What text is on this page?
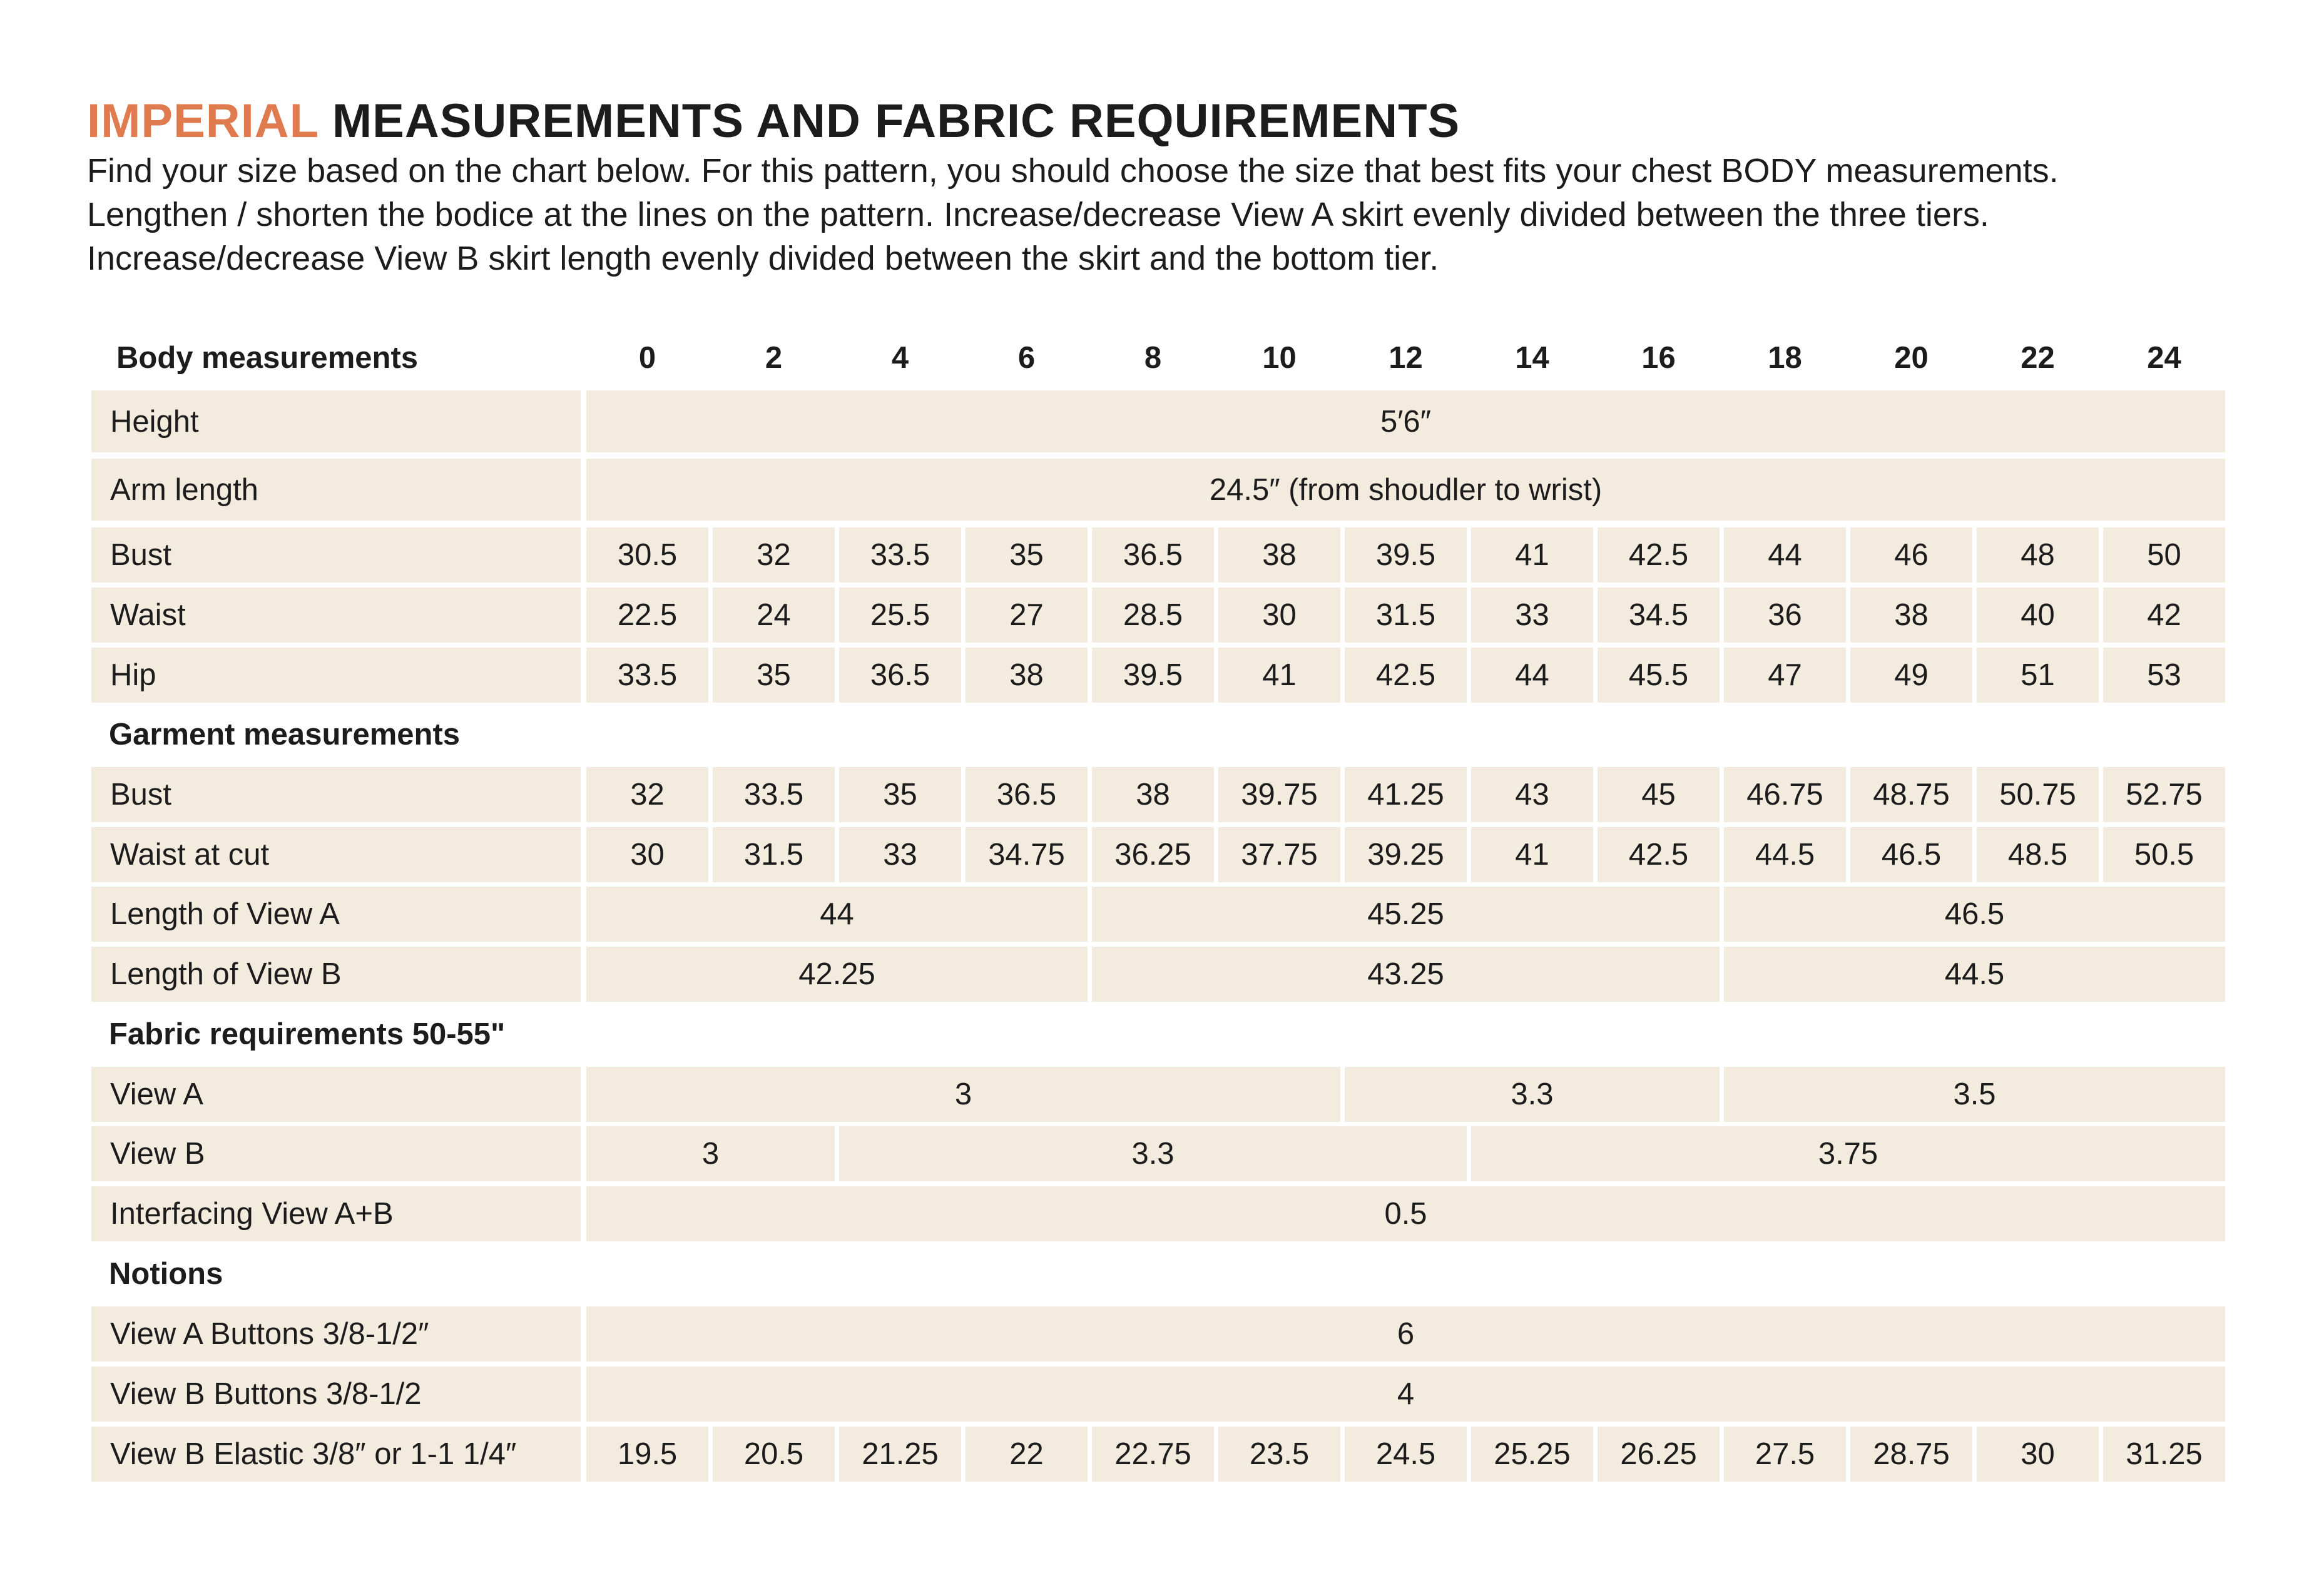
IMPERIAL MEASUREMENTS AND FABRIC REQUIREMENTS
Find your size based on the chart below. For this pattern, you should choose the size that best fits your chest BODY measurements.
Lengthen / shorten the bodice at the lines on the pattern. Increase/decrease View A skirt evenly divided between the three tiers.
Increase/decrease View B skirt length evenly divided between the skirt and the bottom tier.
Body measurements	0	2	4	6	8	10	12	14	16	18	20	22	24
Height	5′6″
Arm length	24.5″ (from shoudler to wrist)
Bust	30.5	32	33.5	35	36.5	38	39.5	41	42.5	44	46	48	50
Waist	22.5	24	25.5	27	28.5	30	31.5	33	34.5	36	38	40	42
Hip	33.5	35	36.5	38	39.5	41	42.5	44	45.5	47	49	51	53
Garment measurements
Bust	32	33.5	35	36.5	38	39.75	41.25	43	45	46.75	48.75	50.75	52.75
Waist at cut	30	31.5	33	34.75	36.25	37.75	39.25	41	42.5	44.5	46.5	48.5	50.5
Length of View A	44	45.25	46.5
Length of View B	42.25	43.25	44.5
Fabric requirements 50-55"
View A	3	3.3	3.5
View B	3	3.3	3.75
Interfacing View A+B	0.5
Notions
View A Buttons 3/8-1/2″	6
View B Buttons 3/8-1/2	4
View B Elastic 3/8″ or 1-1 1/4″	19.5	20.5	21.25	22	22.75	23.5	24.5	25.25	26.25	27.5	28.75	30	31.25
